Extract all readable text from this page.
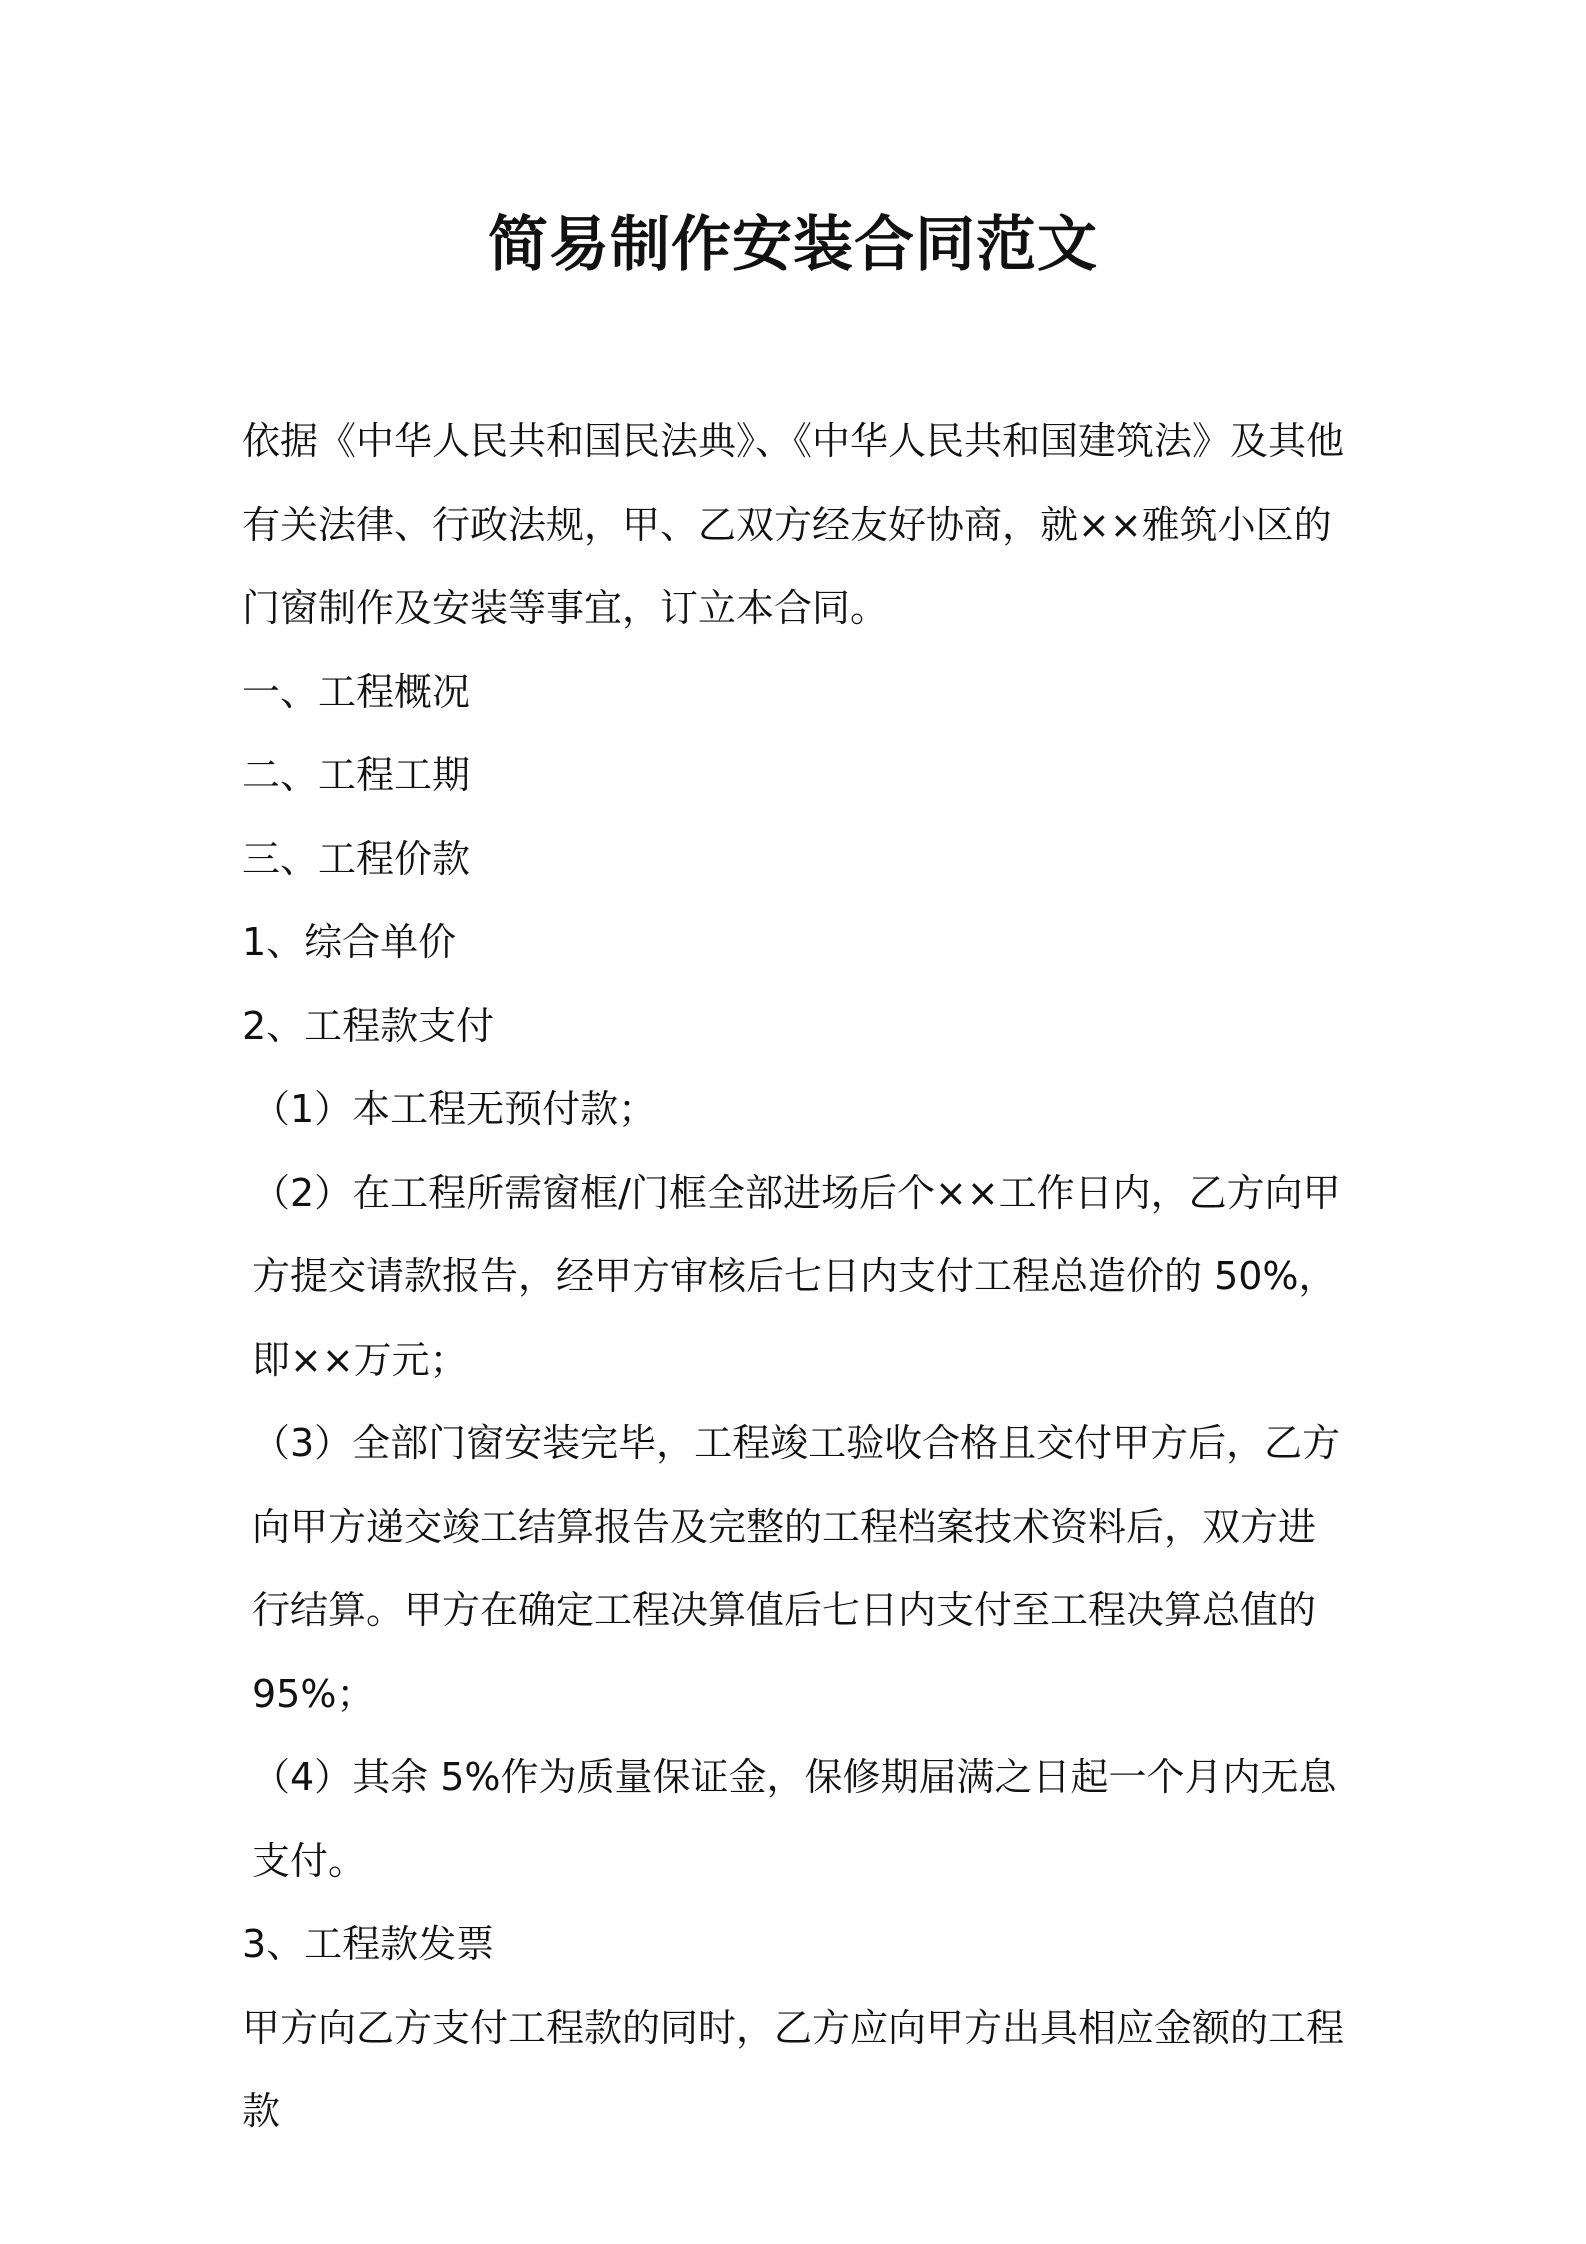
简易制作安装合同范文

依据《中华人民共和国民法典》、《中华人民共和国建筑法》及其他有关法律、行政法规，甲、乙双方经友好协商，就××雅筑小区的门窗制作及安装等事宜，订立本合同。

一、工程概况

二、工程工期

三、工程价款

1、综合单价

2、工程款支付

（1）本工程无预付款；

（2）在工程所需窗框/门框全部进场后个××工作日内，乙方向甲方提交请款报告，经甲方审核后七日内支付工程总造价的 50%，即××万元；

（3）全部门窗安装完毕，工程竣工验收合格且交付甲方后，乙方向甲方递交竣工结算报告及完整的工程档案技术资料后，双方进行结算。甲方在确定工程决算值后七日内支付至工程决算总值的 95%；

（4）其余 5%作为质量保证金，保修期届满之日起一个月内无息支付。

3、工程款发票

甲方向乙方支付工程款的同时，乙方应向甲方出具相应金额的工程款
